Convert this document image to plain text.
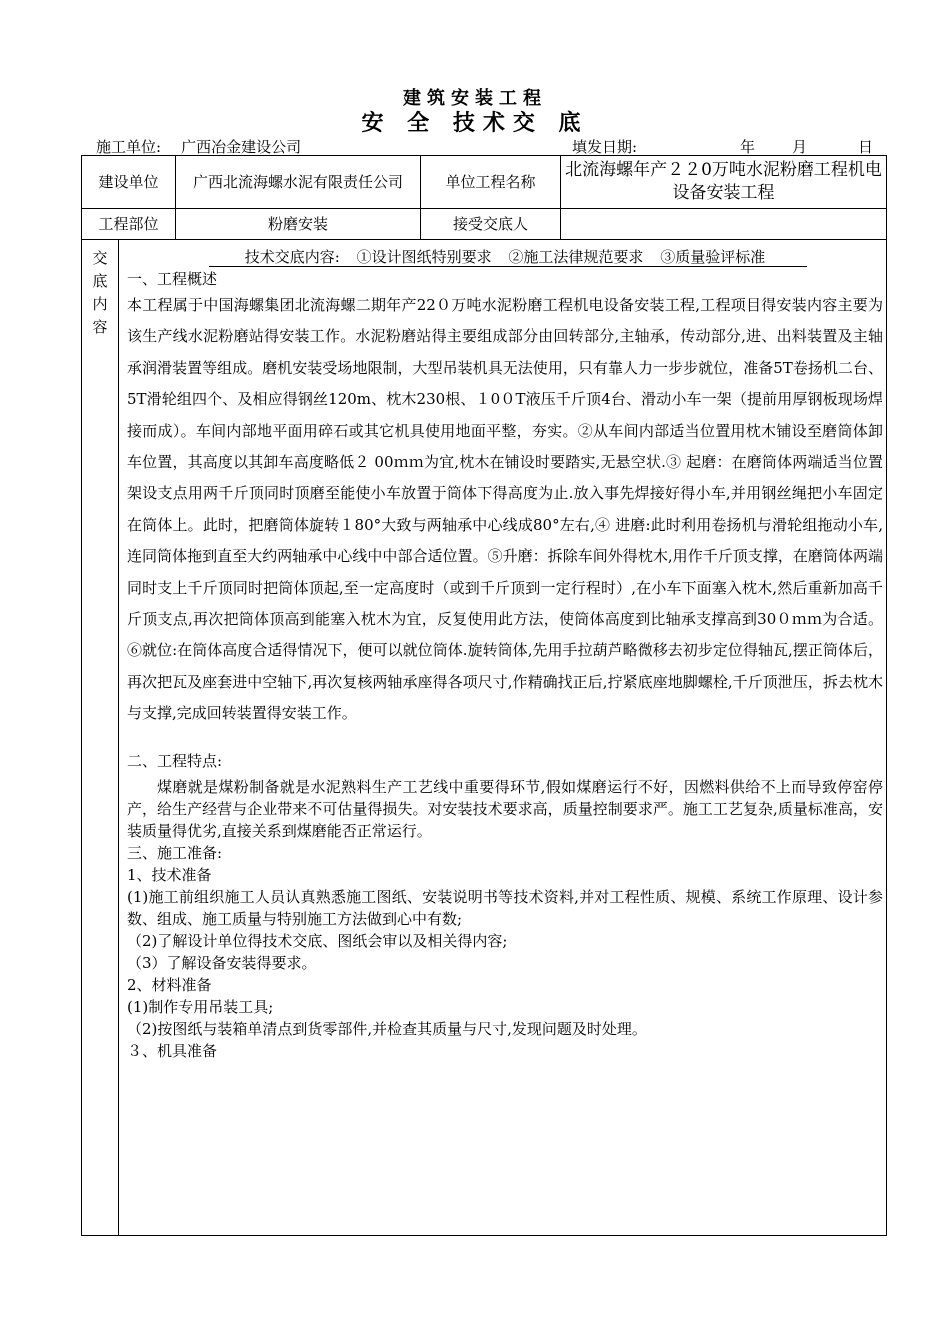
建筑安装工程
安 全 技术交 底
施工单位: 广西冶金建设公司	填发日期:	年 月	日
建设单位	广西北流海螺水泥有限责任公司	单位工程名称
北流海螺年产２２0万吨水泥粉磨工程机电设备安装工程
工程部位	粉磨安装	接受交底人
交
底
内
容
技术交底内容: ①设计图纸特别要求 ②施工法律规范要求 ③质量验评标准
一、工程概述
本工程属于中国海螺集团北流海螺二期年产22０万吨水泥粉磨工程机电设备安装工程,工程项目得安装内容主要为该生产线水泥粉磨站得安装工作。水泥粉磨站得主要组成部分由回转部分,主轴承，传动部分,进、出料装置及主轴承润滑装置等组成。磨机安装受场地限制，大型吊装机具无法使用，只有靠人力一步步就位，准备5T卷扬机二台、5T滑轮组四个、及相应得钢丝120m、枕木230根、１0０T液压千斤顶4台、滑动小车一架（提前用厚钢板现场焊接而成）。车间内部地平面用碎石或其它机具使用地面平整，夯实。②从车间内部适当位置用枕木铺设至磨筒体卸车位置，其高度以其卸车高度略低２ 00ｍｍ为宜,枕木在铺设时要踏实,无悬空状.③ 起磨：在磨筒体两端适当位置架设支点用两千斤顶同时顶磨至能使小车放置于筒体下得高度为止.放入事先焊接好得小车,并用钢丝绳把小车固定在筒体上。此时，把磨筒体旋转１80°大致与两轴承中心线成80°左右,④ 进磨:此时利用卷扬机与滑轮组拖动小车,连同筒体拖到直至大约两轴承中心线中中部合适位置。⑤升磨：拆除车间外得枕木,用作千斤顶支撑，在磨筒体两端同时支上千斤顶同时把筒体顶起,至一定高度时（或到千斤顶到一定行程时）,在小车下面塞入枕木,然后重新加高千斤顶支点,再次把筒体顶高到能塞入枕木为宜，反复使用此方法，使筒体高度到比轴承支撑高到30０ｍｍ为合适。⑥就位:在筒体高度合适得情况下，便可以就位筒体.旋转筒体,先用手拉葫芦略微移去初步定位得轴瓦,摆正筒体后，再次把瓦及座套进中空轴下,再次复核两轴承座得各项尺寸,作精确找正后,拧紧底座地脚螺栓,千斤顶泄压，拆去枕木与支撑,完成回转装置得安装工作。
二、工程特点:
煤磨就是煤粉制备就是水泥熟料生产工艺线中重要得环节,假如煤磨运行不好，因燃料供给不上而导致停窑停产，给生产经营与企业带来不可估量得损失。对安装技术要求高，质量控制要求严。施工工艺复杂,质量标准高，安装质量得优劣,直接关系到煤磨能否正常运行。
三、施工准备:
1、技术准备
(1)施工前组织施工人员认真熟悉施工图纸、安装说明书等技术资料,并对工程性质、规模、系统工作原理、设计参数、组成、施工质量与特别施工方法做到心中有数;
（2)了解设计单位得技术交底、图纸会审以及相关得内容;
（3）了解设备安装得要求。
2、材料准备
(1)制作专用吊装工具;
（2)按图纸与装箱单清点到货零部件,并检查其质量与尺寸,发现问题及时处理。
３、机具准备
